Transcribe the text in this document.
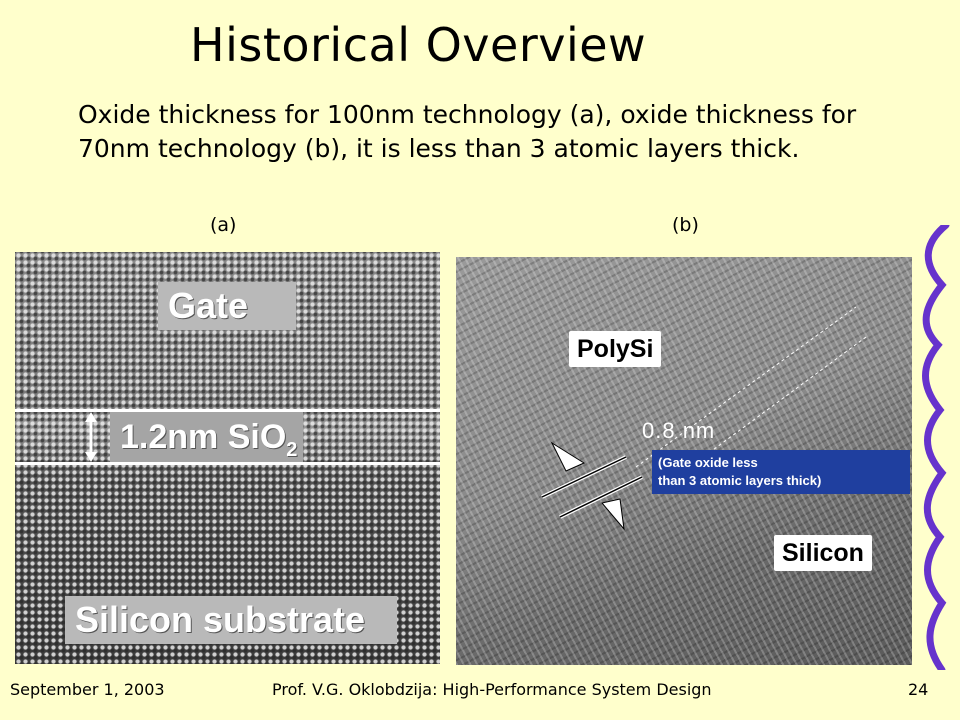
Historical Overview
Oxide thickness for 100nm technology (a), oxide thickness for 70nm technology (b), it is less than 3 atomic layers thick.
(a)	(b)
Gate
1.2nm SiO$_2$
Silicon substrate
PolySi
0.8 nm
(Gate oxide less
than 3 atomic layers thick)
Silicon
September 1, 2003	Prof. V.G. Oklobdzija: High-Performance System Design	24
